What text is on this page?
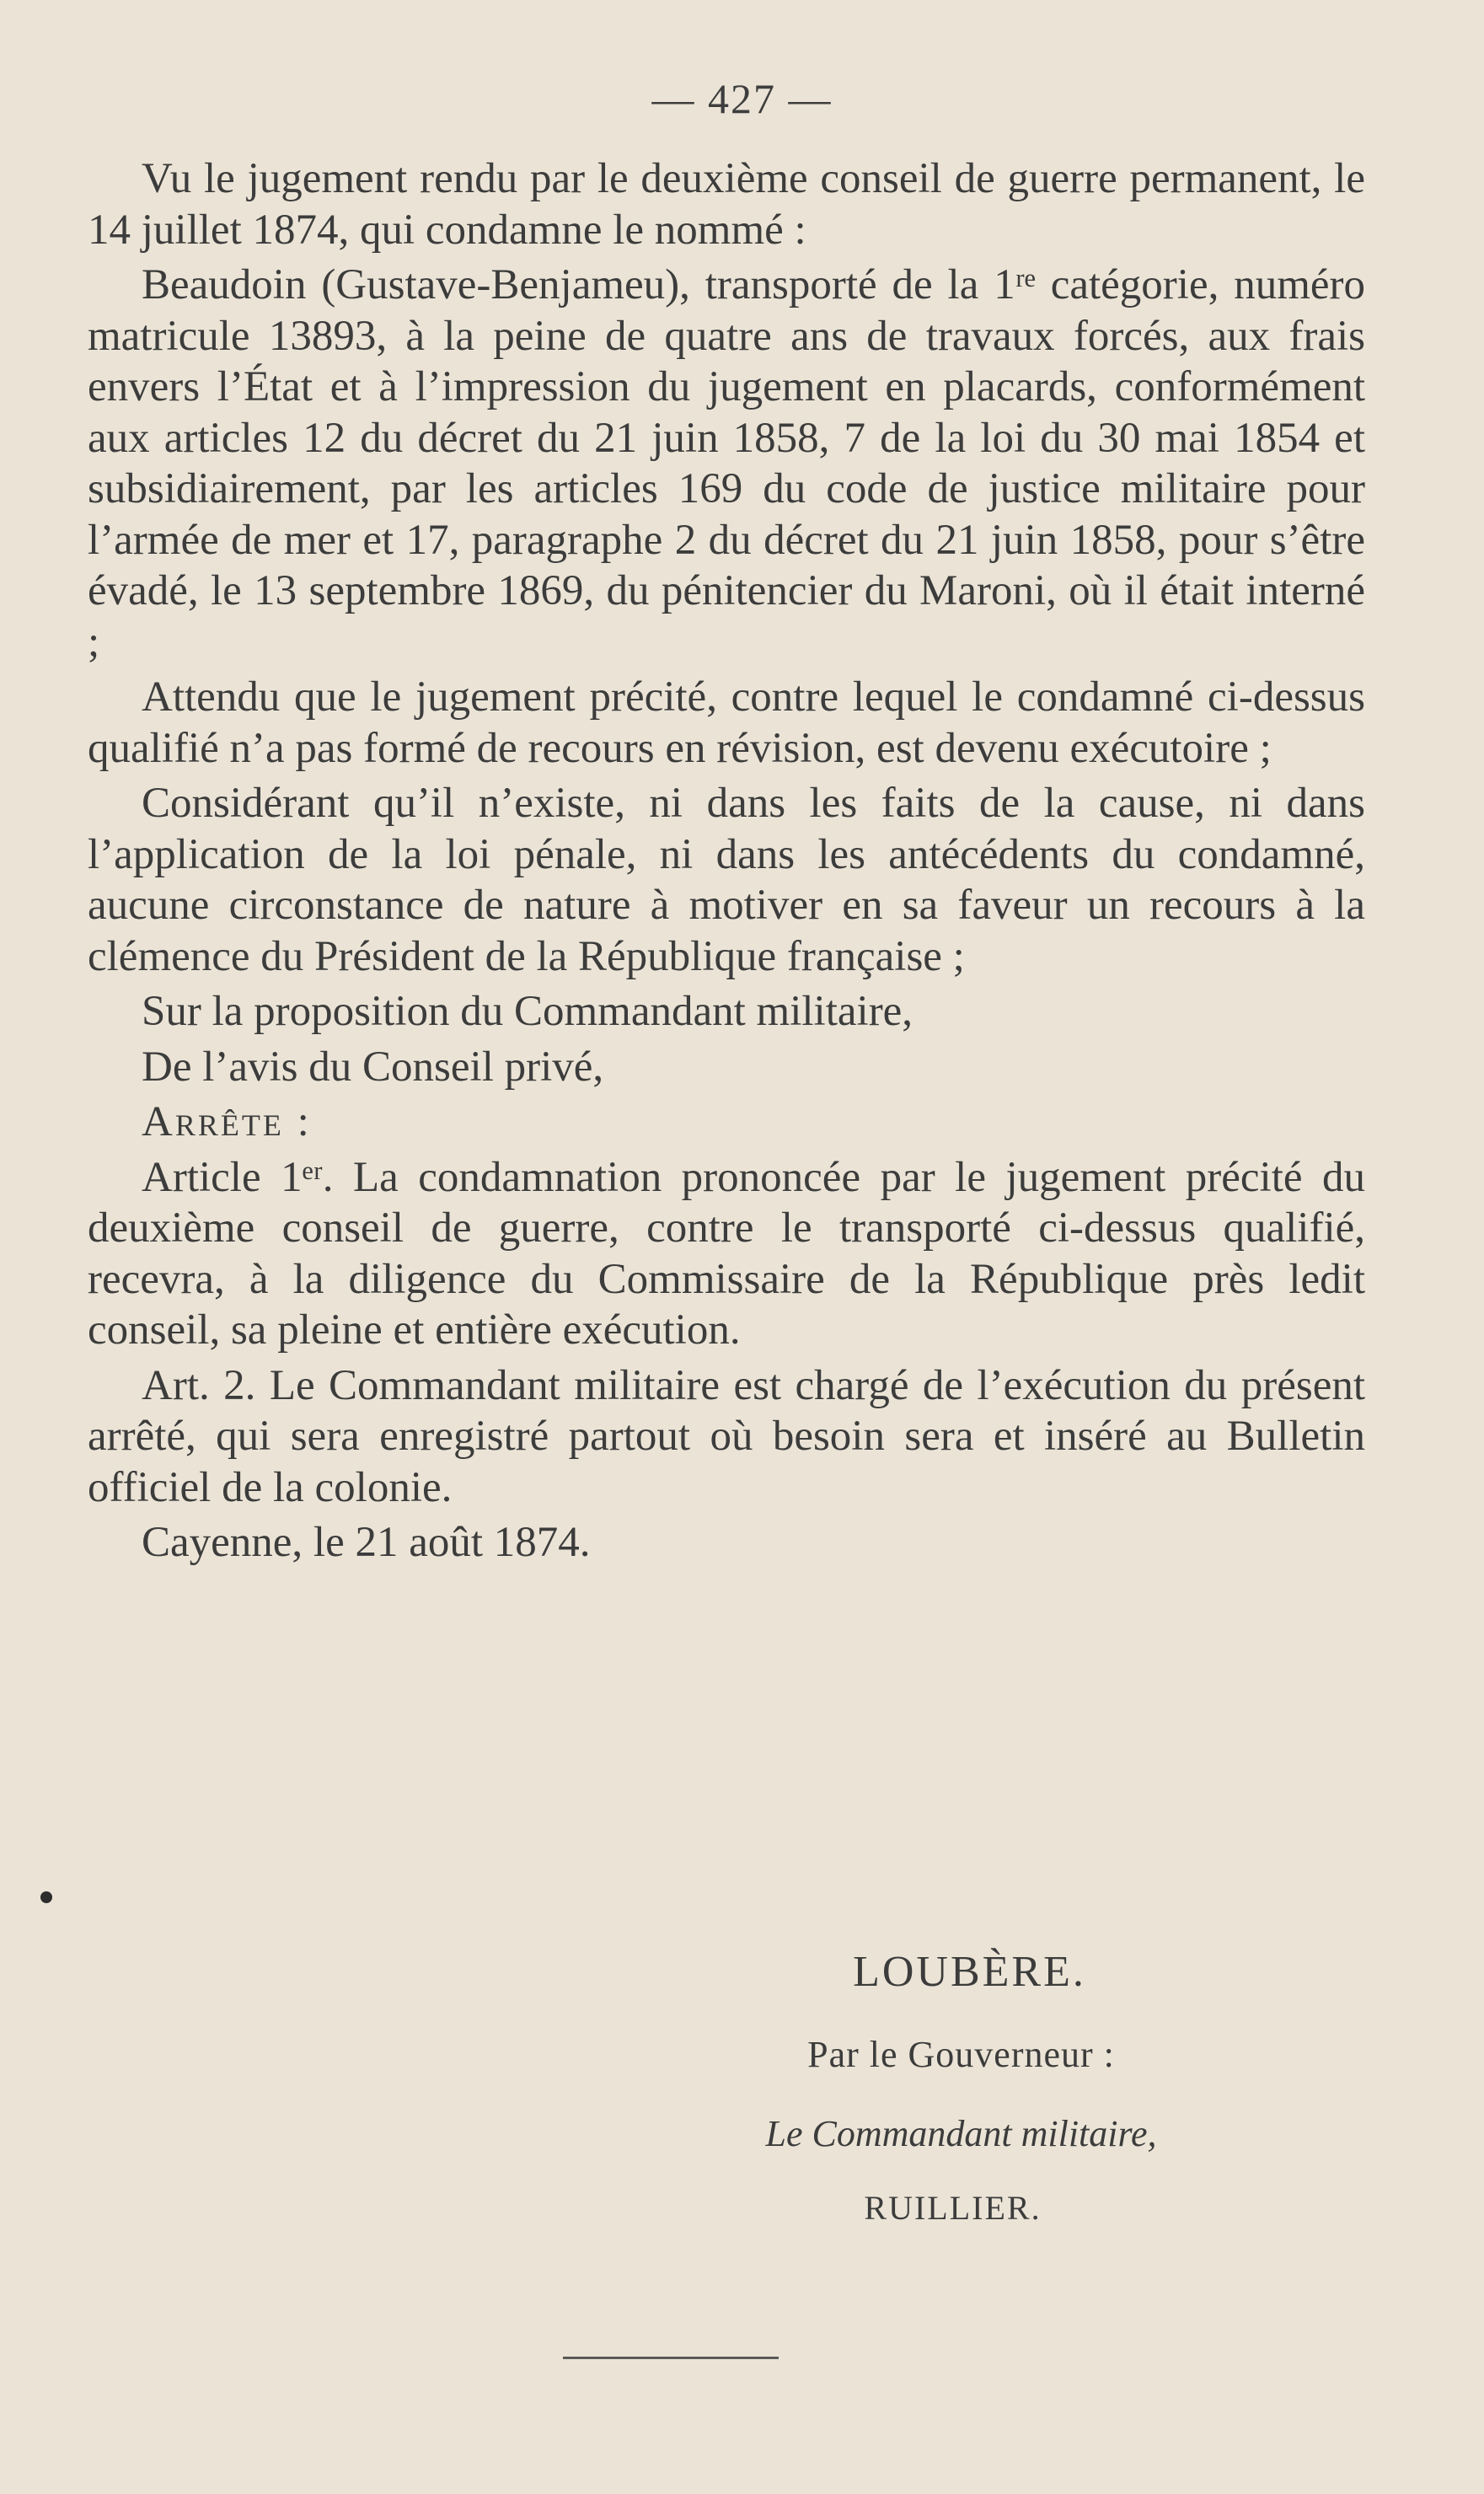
— 427 —

Vu le jugement rendu par le deuxième conseil de guerre permanent, le 14 juillet 1874, qui condamne le nommé :

Beaudoin (Gustave-Benjameu), transporté de la 1ʳᵉ catégorie, numéro matricule 13893, à la peine de quatre ans de travaux forcés, aux frais envers l’État et à l’impression du jugement en placards, conformément aux articles 12 du décret du 21 juin 1858, 7 de la loi du 30 mai 1854 et subsidiairement, par les articles 169 du code de justice militaire pour l’armée de mer et 17, paragraphe 2 du décret du 21 juin 1858, pour s’être évadé, le 13 septembre 1869, du pénitencier du Maroni, où il était interné ;

Attendu que le jugement précité, contre lequel le condamné ci-dessus qualifié n’a pas formé de recours en révision, est devenu exécutoire ;

Considérant qu’il n’existe, ni dans les faits de la cause, ni dans l’application de la loi pénale, ni dans les antécédents du condamné, aucune circonstance de nature à motiver en sa faveur un recours à la clémence du Président de la République française ;

Sur la proposition du Commandant militaire,

De l’avis du Conseil privé,

Arrête :

Article 1ᵉʳ. La condamnation prononcée par le jugement précité du deuxième conseil de guerre, contre le transporté ci-dessus qualifié, recevra, à la diligence du Commissaire de la République près ledit conseil, sa pleine et entière exécution.

Art. 2. Le Commandant militaire est chargé de l’exécution du présent arrêté, qui sera enregistré partout où besoin sera et inséré au Bulletin officiel de la colonie.

Cayenne, le 21 août 1874.

LOUBÈRE.
Par le Gouverneur :
Le Commandant militaire,
RUILLIER.
